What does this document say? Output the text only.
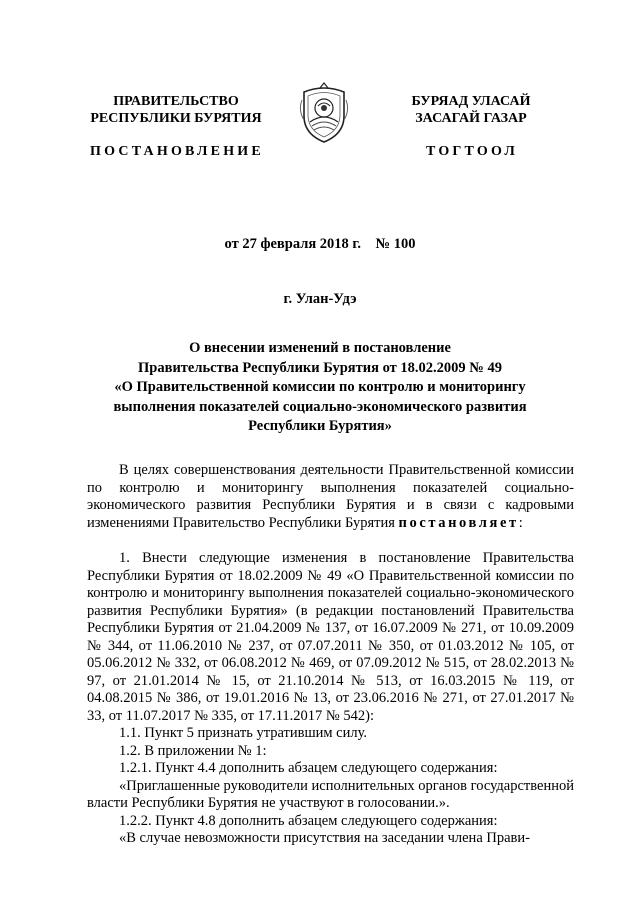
ПРАВИТЕЛЬСТВО
РЕСПУБЛИКИ БУРЯТИЯ
БУРЯАД УЛАСАЙ
ЗАСАГАЙ ГАЗАР
ПОСТАНОВЛЕНИЕ	ТОГТООЛ
от 27 февраля 2018 г.    № 100
г. Улан-Удэ
О внесении изменений в постановление
Правительства Республики Бурятия от 18.02.2009 № 49
«О Правительственной комиссии по контролю и мониторингу
выполнения показателей социально-экономического развития
Республики Бурятия»

В целях совершенствования деятельности Правительственной комиссии по контролю и мониторингу выполнения показателей социально-экономического развития Республики Бурятия и в связи с кадровыми изменениями Правительство Республики Бурятия постановляет:

1. Внести следующие изменения в постановление Правительства Республики Бурятия от 18.02.2009 № 49 «О Правительственной комиссии по контролю и мониторингу выполнения показателей социально-экономического развития Республики Бурятия» (в редакции постановлений Правительства Республики Бурятия от 21.04.2009 № 137, от 16.07.2009 № 271, от 10.09.2009 № 344, от 11.06.2010 № 237, от 07.07.2011 № 350, от 01.03.2012 № 105, от 05.06.2012 № 332, от 06.08.2012 № 469, от 07.09.2012 № 515, от 28.02.2013 № 97, от 21.01.2014 № 15, от 21.10.2014 № 513, от 16.03.2015 № 119, от 04.08.2015 № 386, от 19.01.2016 № 13, от 23.06.2016 № 271, от 27.01.2017 № 33, от 11.07.2017 № 335, от 17.11.2017 № 542):

1.1. Пункт 5 признать утратившим силу.

1.2. В приложении № 1:

1.2.1. Пункт 4.4 дополнить абзацем следующего содержания:

«Приглашенные руководители исполнительных органов государственной власти Республики Бурятия не участвуют в голосовании.».

1.2.2. Пункт 4.8 дополнить абзацем следующего содержания:

«В случае невозможности присутствия на заседании члена Прави-
